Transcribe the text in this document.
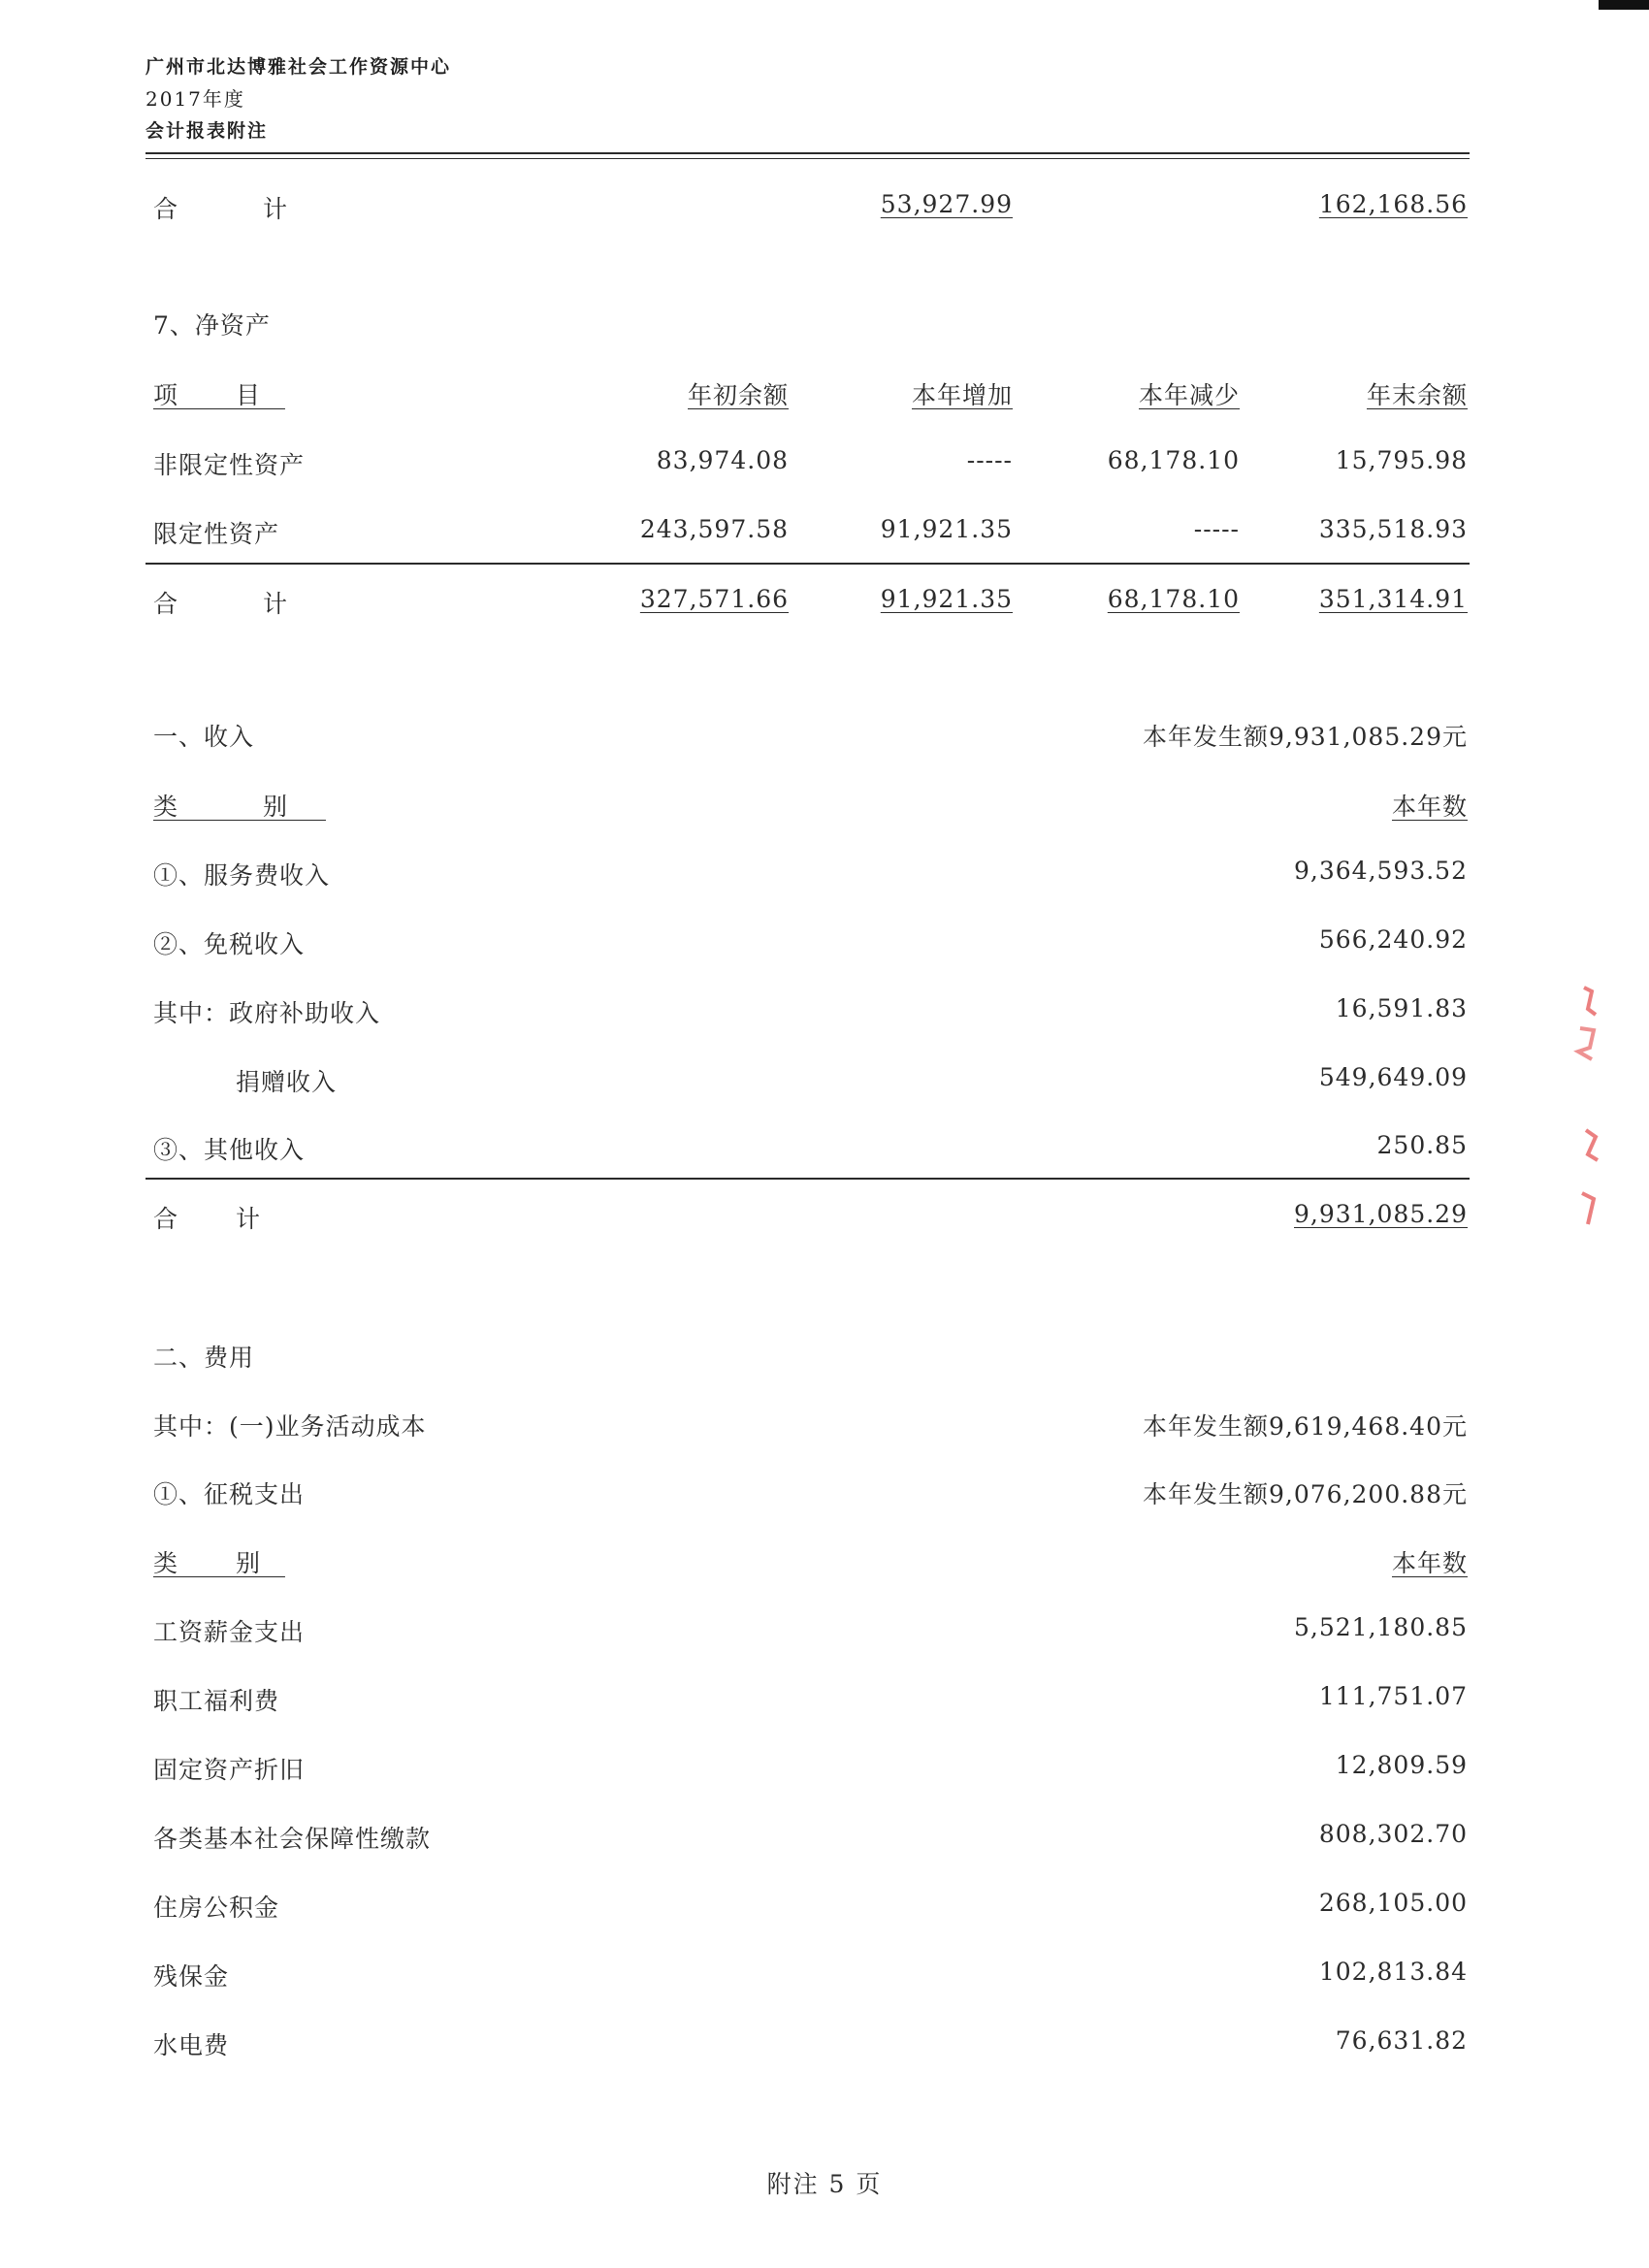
广州市北达博雅社会工作资源中心
2017年度
会计报表附注
合 计	53,927.99	162,168.56
7、净资产
项 目	年初余额	本年增加	本年减少	年末余额
非限定性资产	83,974.08	-----	68,178.10	15,795.98
限定性资产	243,597.58	91,921.35	-----	335,518.93
合 计	327,571.66	91,921.35	68,178.10	351,314.91
一、收入	本年发生额9,931,085.29元
类 别	本年数
①、服务费收入	9,364,593.52
②、免税收入	566,240.92
其中：政府补助收入	16,591.83
捐赠收入	549,649.09
③、其他收入	250.85
合 计	9,931,085.29
二、费用
其中：(一)业务活动成本	本年发生额9,619,468.40元
①、征税支出	本年发生额9,076,200.88元
类 别	本年数
工资薪金支出	5,521,180.85
职工福利费	111,751.07
固定资产折旧	12,809.59
各类基本社会保障性缴款	808,302.70
住房公积金	268,105.00
残保金	102,813.84
水电费	76,631.82
附注 5 页
